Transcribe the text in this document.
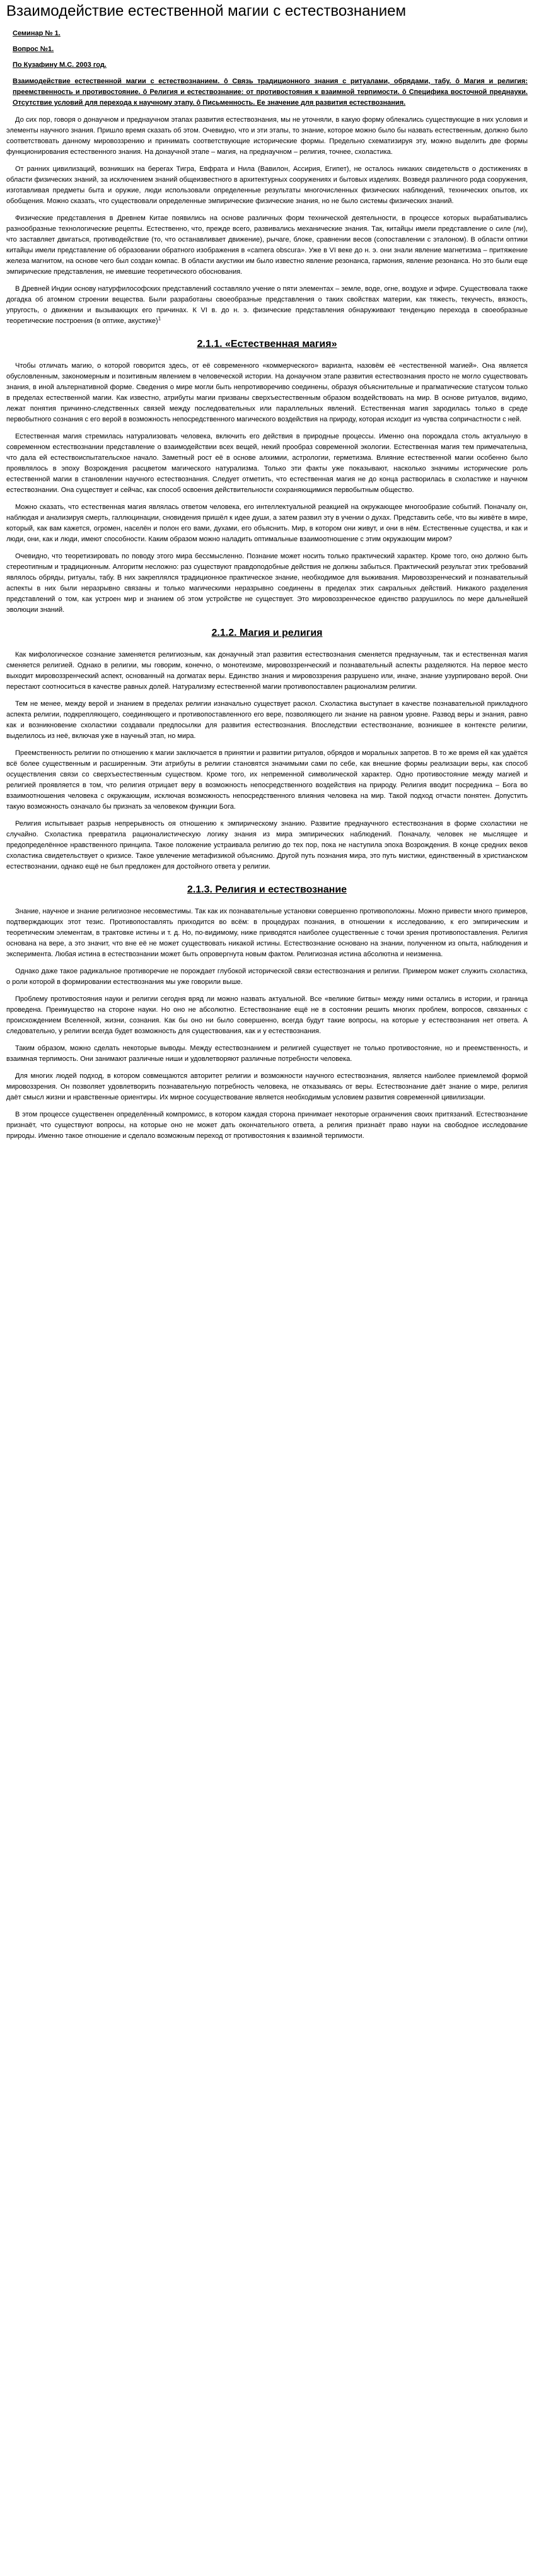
Взаимодействие естественной магии с естествознанием
Семинар № 1.
Вопрос №1.
По Кузафину М.С. 2003 год.
Взаимодействие естественной магии с естествознанием. ô Связь традиционного знания с ритуалами, обрядами, табу. ô Магия и религия: преемственность и противостояние. ô Религия и естествознание: от противостояния к взаимной терпимости. ô Специфика восточной преднауки. Отсутствие условий для перехода к научному этапу. ô Письменность. Ее значение для развития естествознания.

До сих пор, говоря о донаучном и преднаучном этапах развития естествознания, мы не уточняли, в какую форму облекались существующие в них условия и элементы научного знания. Пришло время сказать об этом. Очевидно, что и эти этапы, то знание, которое можно было бы назвать естественным, должно было соответствовать данному мировоззрению и принимать соответствующие исторические формы. Предельно схематизируя эту, можно выделить две формы функционирования естественного знания. На донаучной этапе – магия, на преднаучном – религия, точнее, схоластика.

От ранних цивилизаций, возникших на берегах Тигра, Евфрата и Нила (Вавилон, Ассирия, Египет), не осталось никаких свидетельств о достижениях в области физических знаний, за исключением знаний общеизвестного в архитектурных сооружениях и бытовых изделиях. Возведя различного рода сооружения, изготавливая предметы быта и оружие, люди использовали определенные результаты многочисленных физических наблюдений, технических опытов, их обобщения. Можно сказать, что существовали определенные эмпирические физические знания, но не было системы физических знаний.

Физические представления в Древнем Китае появились на основе различных форм технической деятельности, в процессе которых вырабатывались разнообразные технологические рецепты. Естественно, что, прежде всего, развивались механические знания. Так, китайцы имели представление о силе (ли), что заставляет двигаться, противодействие (то, что останавливает движение), рычаге, блоке, сравнении весов (сопоставлении с эталоном). В области оптики китайцы имели представление об образовании обратного изображения в «camera obscura». Уже в VI веке до н. э. они знали явление магнетизма – притяжение железа магнитом, на основе чего был создан компас. В области акустики им было известно явление резонанса, гармония, явление резонанса. Но это были еще эмпирические представления, не имевшие теоретического обоснования.

В Древней Индии основу натурфилософских представлений составляло учение о пяти элементах – земле, воде, огне, воздухе и эфире. Существовала также догадка об атомном строении вещества. Были разработаны своеобразные представления о таких свойствах материи, как тяжесть, текучесть, вязкость, упругость, о движении и вызывающих его причинах. К VI в. до н. э. физические представления обнаруживают тенденцию перехода в своеобразные теоретические построения (в оптике, акустике)$^1$

2.1.1. «Естественная магия»

Чтобы отличать магию, о которой говорится здесь, от её современного «коммерческого» варианта, назовём её «естественной магией». Она является обусловленным, закономерным и позитивным явлением в человеческой истории. На донаучном этапе развития естествознания просто не могло существовать знания, в иной альтернативной форме. Сведения о мире могли быть непротиворечиво соединены, образуя объяснительные и прагматические статусом только в пределах естественной магии. Как известно, атрибуты магии призваны сверхъестественным образом воздействовать на мир. В основе ритуалов, видимо, лежат понятия причинно-следственных связей между последовательных или параллельных явлений. Естественная магия зародилась только в среде первобытного сознания с его верой в возможность непосредственного магического воздействия на природу, которая исходит из чувства сопричастности с ней.

Естественная магия стремилась натурализовать человека, включить его действия в природные процессы. Именно она порождала столь актуальную в современном естествознании представление о взаимодействии всех вещей, некий прообраз современной экологии. Естественная магия тем примечательна, что дала ей естествоиспытательское начало. Заметный рост её в основе алхимии, астрологии, герметизма. Влияние естественной магии особенно было проявлялось в эпоху Возрождения расцветом магического натурализма. Только эти факты уже показывают, насколько значимы исторические роль естественной магии в становлении научного естествознания. Следует отметить, что естественная магия не до конца растворилась в схоластике и научном естествознании. Она существует и сейчас, как способ освоения действительности сохраняющимися первобытным общество.

Можно сказать, что естественная магия являлась ответом человека, его интеллектуальной реакцией на окружающее многообразие событий. Поначалу он, наблюдая и анализируя смерть, галлюцинации, сновидения пришёл к идее души, а затем развил эту в учении о духах. Представить себе, что вы живёте в мире, который, как вам кажется, огромен, населён и полон его вами, духами, его объяснить. Мир, в котором они живут, и они в нём. Естественные существа, и как и люди, они, как и люди, имеют способности. Каким образом можно наладить оптимальные взаимоотношение с этим окружающим миром?

Очевидно, что теоретизировать по поводу этого мира бессмысленно. Познание может носить только практический характер. Кроме того, оно должно быть стереотипным и традиционным. Алгоритм несложно: раз существуют правдоподобные действия не должны забыться. Практический результат этих требований являлось обряды, ритуалы, табу. В них закреплялся традиционное практическое знание, необходимое для выживания. Мировоззренческий и познавательный аспекты в них были неразрывно связаны и только магическими неразрывно соединены в пределах этих сакральных действий. Никакого разделения представлений о том, как устроен мир и знанием об этом устройстве не существует. Это мировоззренческое единство разрушилось по мере дальнейшей эволюции знаний.

2.1.2. Магия и религия

Как мифологическое сознание заменяется религиозным, как донаучный этап развития естествознания сменяется преднаучным, так и естественная магия сменяется религией. Однако в религии, мы говорим, конечно, о монотеизме, мировоззренческий и познавательный аспекты разделяются. На первое место выходит мировоззренческий аспект, основанный на догматах веры. Единство знания и мировоззрения разрушено или, иначе, знание узурпировано верой. Они перестают соотноситься в качестве равных долей. Натурализму естественной магии противопоставлен рационализм религии.

Тем не менее, между верой и знанием в пределах религии изначально существует раскол. Схоластика выступает в качестве познавательной прикладного аспекта религии, подкрепляющего, соединяющего и противопоставленного его вере, позволяющего ли знание на равном уровне. Развод веры и знания, равно как и возникновение схоластики создавали предпосылки для развития естествознания. Впоследствии естествознание, возникшее в контексте религии, выделилось из неё, включая уже в научный этап, но мира.

Преемственность религии по отношению к магии заключается в принятии и развитии ритуалов, обрядов и моральных запретов. В то же время ей как удаётся всё более существенным и расширенным. Эти атрибуты в религии становятся значимыми сами по себе, как внешние формы реализации веры, как способ осуществления связи со сверхъестественным существом. Кроме того, их непременной символической характер. Одно противостояние между магией и религией проявляется в том, что религия отрицает веру в возможность непосредственного воздействия на природу. Религия вводит посредника – Бога во взаимоотношения человека с окружающим, исключая возможность непосредственного влияния человека на мир. Такой подход отчасти понятен. Допустить такую возможность означало бы признать за человеком функции Бога.

Религия испытывает разрыв непрерывность оя отношению к эмпирическому знанию. Развитие преднаучного естествознания в форме схоластики не случайно. Схоластика превратила рационалистическую логику знания из мира эмпирических наблюдений. Поначалу, человек не мыслящее и предопределённое нравственного принципа. Такое положение устраивала религию до тех пор, пока не наступила эпоха Возрождения. В конце средних веков схоластика свидетельствует о кризисе. Такое увлечение метафизикой объяснимо. Другой путь познания мира, это путь мистики, единственный в христианском естествознании, однако ещё не был предложен для достойного ответа у религии.

2.1.3. Религия и естествознание

Знание, научное и знание религиозное несовместимы. Так как их познавательные установки совершенно противоположны. Можно привести много примеров, подтверждающих этот тезис. Противопоставлять приходится во всём: в процедурах познания, в отношении к исследованию, к его эмпирическим и теоретическим элементам, в трактовке истины и т. д. Но, по-видимому, ниже приводятся наиболее существенные с точки зрения противопоставления. Религия основана на вере, а это значит, что вне её не может существовать никакой истины. Естествознание основано на знании, полученном из опыта, наблюдения и эксперимента. Любая истина в естествознании может быть опровергнута новым фактом. Религиозная истина абсолютна и неизменна.

Однако даже такое радикальное противоречие не порождает глубокой исторической связи естествознания и религии. Примером может служить схоластика, о роли которой в формировании естествознания мы уже говорили выше.

Проблему противостояния науки и религии сегодня вряд ли можно назвать актуальной. Все «великие битвы» между ними остались в истории, и граница проведена. Преимущество на стороне науки. Но оно не абсолютно. Естествознание ещё не в состоянии решить многих проблем, вопросов, связанных с происхождением Вселенной, жизни, сознания. Как бы оно ни было совершенно, всегда будут такие вопросы, на которые у естествознания нет ответа. А следовательно, у религии всегда будет возможность для существования, как и у естествознания.

Таким образом, можно сделать некоторые выводы. Между естествознанием и религией существует не только противостояние, но и преемственность, и взаимная терпимость. Они занимают различные ниши и удовлетворяют различные потребности человека.

Для многих людей подход, в котором совмещаются авторитет религии и возможности научного естествознания, является наиболее приемлемой формой мировоззрения. Он позволяет удовлетворить познавательную потребность человека, не отказываясь от веры. Естествознание даёт знание о мире, религия даёт смысл жизни и нравственные ориентиры. Их мирное сосуществование является необходимым условием развития современной цивилизации.

В этом процессе существенен определённый компромисс, в котором каждая сторона принимает некоторые ограничения своих притязаний. Естествознание признаёт, что существуют вопросы, на которые оно не может дать окончательного ответа, а религия признаёт право науки на свободное исследование природы. Именно такое отношение и сделало возможным переход от противостояния к взаимной терпимости.
